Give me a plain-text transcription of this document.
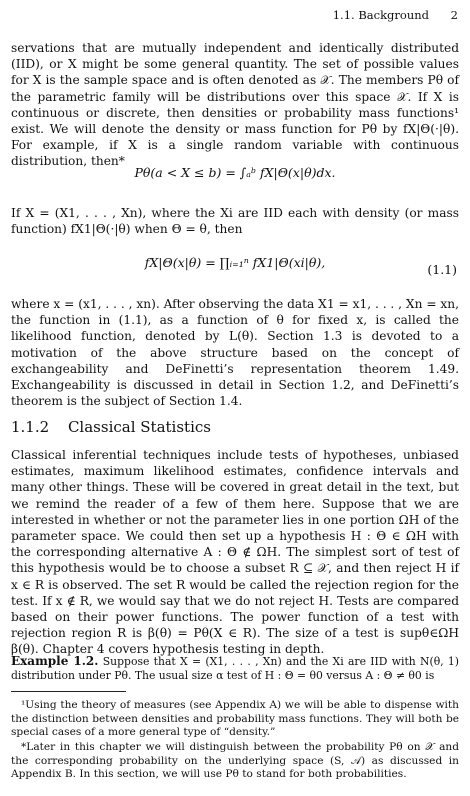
1.1. Background 2
servations that are mutually independent and identically distributed (IID), or X might be some general quantity. The set of possible values for X is the sample space and is often denoted as 𝒳. The members Pθ of the parametric family will be distributions over this space 𝒳. If X is continuous or discrete, then densities or probability mass functions¹ exist. We will denote the density or mass function for Pθ by fX|Θ(·|θ). For example, if X is a single random variable with continuous distribution, then*
Pθ(a < X ≤ b) = ∫ₐᵇ fX|Θ(x|θ)dx.
If X = (X1, . . . , Xn), where the Xi are IID each with density (or mass function) fX1|Θ(·|θ) when Θ = θ, then
fX|Θ(x|θ) = ∏ᵢ₌₁ⁿ fX1|Θ(xi|θ),	(1.1)
where x = (x1, . . . , xn). After observing the data X1 = x1, . . . , Xn = xn, the function in (1.1), as a function of θ for fixed x, is called the likelihood function, denoted by L(θ). Section 1.3 is devoted to a motivation of the above structure based on the concept of exchangeability and DeFinetti’s representation theorem 1.49. Exchangeability is discussed in detail in Section 1.2, and DeFinetti’s theorem is the subject of Section 1.4.
1.1.2 Classical Statistics
Classical inferential techniques include tests of hypotheses, unbiased estimates, maximum likelihood estimates, confidence intervals and many other things. These will be covered in great detail in the text, but we remind the reader of a few of them here. Suppose that we are interested in whether or not the parameter lies in one portion ΩH of the parameter space. We could then set up a hypothesis H : Θ ∈ ΩH with the corresponding alternative A : Θ ∉ ΩH. The simplest sort of test of this hypothesis would be to choose a subset R ⊆ 𝒳, and then reject H if x ∈ R is observed. The set R would be called the rejection region for the test. If x ∉ R, we would say that we do not reject H. Tests are compared based on their power functions. The power function of a test with rejection region R is β(θ) = Pθ(X ∈ R). The size of a test is supθ∈ΩH β(θ). Chapter 4 covers hypothesis testing in depth.
Example 1.2. Suppose that X = (X1, . . . , Xn) and the Xi are IID with N(θ, 1) distribution under Pθ. The usual size α test of H : Θ = θ0 versus A : Θ ≠ θ0 is
¹Using the theory of measures (see Appendix A) we will be able to dispense with the distinction between densities and probability mass functions. They will both be special cases of a more general type of “density.”
*Later in this chapter we will distinguish between the probability Pθ on 𝒳 and the corresponding probability on the underlying space (S, 𝒜) as discussed in Appendix B. In this section, we will use Pθ to stand for both probabilities.
